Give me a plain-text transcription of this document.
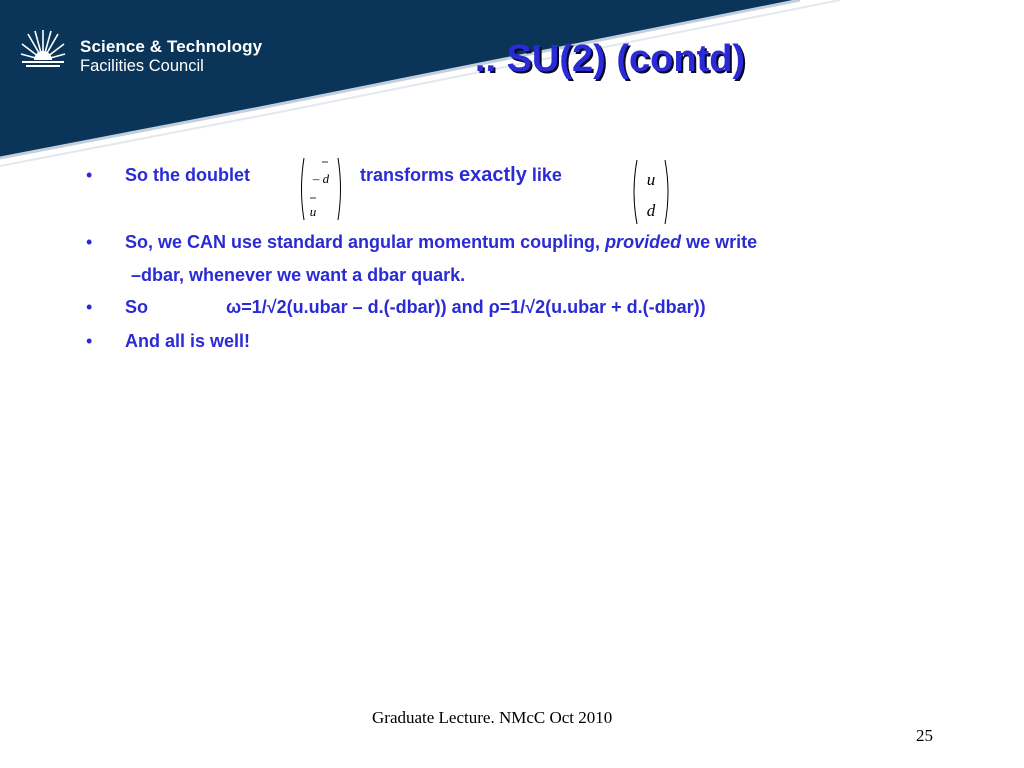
Science & Technology
Facilities Council	.. SU(2) (contd)
• So the doublet	– d
u
transforms exactly like	u
d
• So, we CAN use standard angular momentum coupling, provided we write
–dbar, whenever we want a dbar quark.
• So	ω=1/√2(u.ubar – d.(-dbar)) and ρ=1/√2(u.ubar + d.(-dbar))
• And all is well!
Graduate Lecture. NMcC Oct 2010
25
